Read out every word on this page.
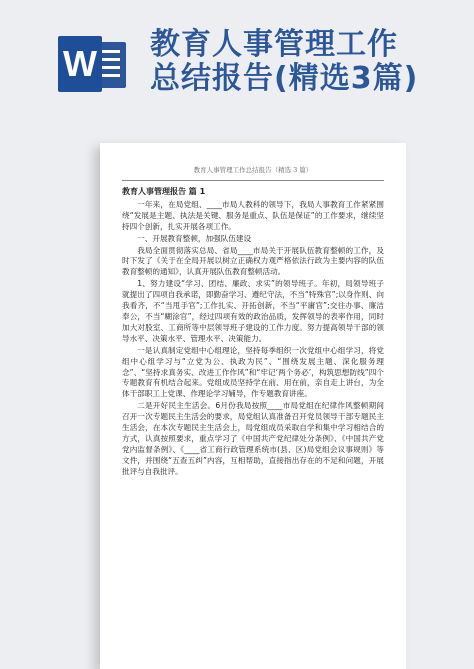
W 教育人事管理工作
总结报告(精选3篇)
教育人事管理工作总结报告（精选 3 篇）
教育人事管理报告 篇 1

一年来，在局党组、____市局人教科的领导下，我局人事教育工作紧紧围绕“发展是主题、执法是关键、服务是重点、队伍是保证”的工作要求，继续坚持四个创新，扎实开展各项工作。

一、开展教育整顿，加强队伍建设

我局全面贯彻落实总局、省局____市局关于开展队伍教育整顿的工作，及时下发了《关于在全局开展以树立正确权力观严格依法行政为主要内容的队伍教育整顿的通知》，认真开展队伍教育整顿活动。

1、努力建设“学习、团结、廉政、求实”的领导班子。年初，局领导班子就提出了四项自我承诺，即勤奋学习、遵纪守法，不当“特殊官”;以身作则、向我看齐，不“当甩手官”;工作扎实、开拓创新，不当“平庸官”;交往办事、廉洁奉公，不当“糊涂官”，经过四项有效的政治品质，发挥领导的表率作用，同时加大对股室、工商所等中层领导班子建设的工作力度。努力提高领导干部的领导水平、决策水平、管理水平、决策能力。

一是认真制定党组中心组理论，坚持每季组织一次党组中心组学习，将党组中心组学习与“立党为公、执政为民”、“围绕发展主题、深化服务理念”、“坚持求真务实、改进工作作风”和“牢记‘两个务必’，构筑思想防线”四个专题教育有机结合起来。党组成员坚持学在前、用在前，亲自走上讲台，为全体干部职工上党课、作理论学习辅导，作专题教育讲座。

二是开好民主生活会。6月份我局按照____市局党组在纪律作风整顿期间召开一次专题民主生活会的要求，局党组认真准备召开党员领导干部专题民主生活会，在本次专题民主生活会上，局党组成员采取自学和集中学习相结合的方式，认真按照要求，重点学习了《中国共产党纪律处分条例》、《中国共产党党内监督条例》、《____省工商行政管理系统市(县、区)局党组会议事规则》等文件，并围绕“五查五纠”内容，互相帮助，直接指出存在的不足和问题，开展批评与自我批评。
